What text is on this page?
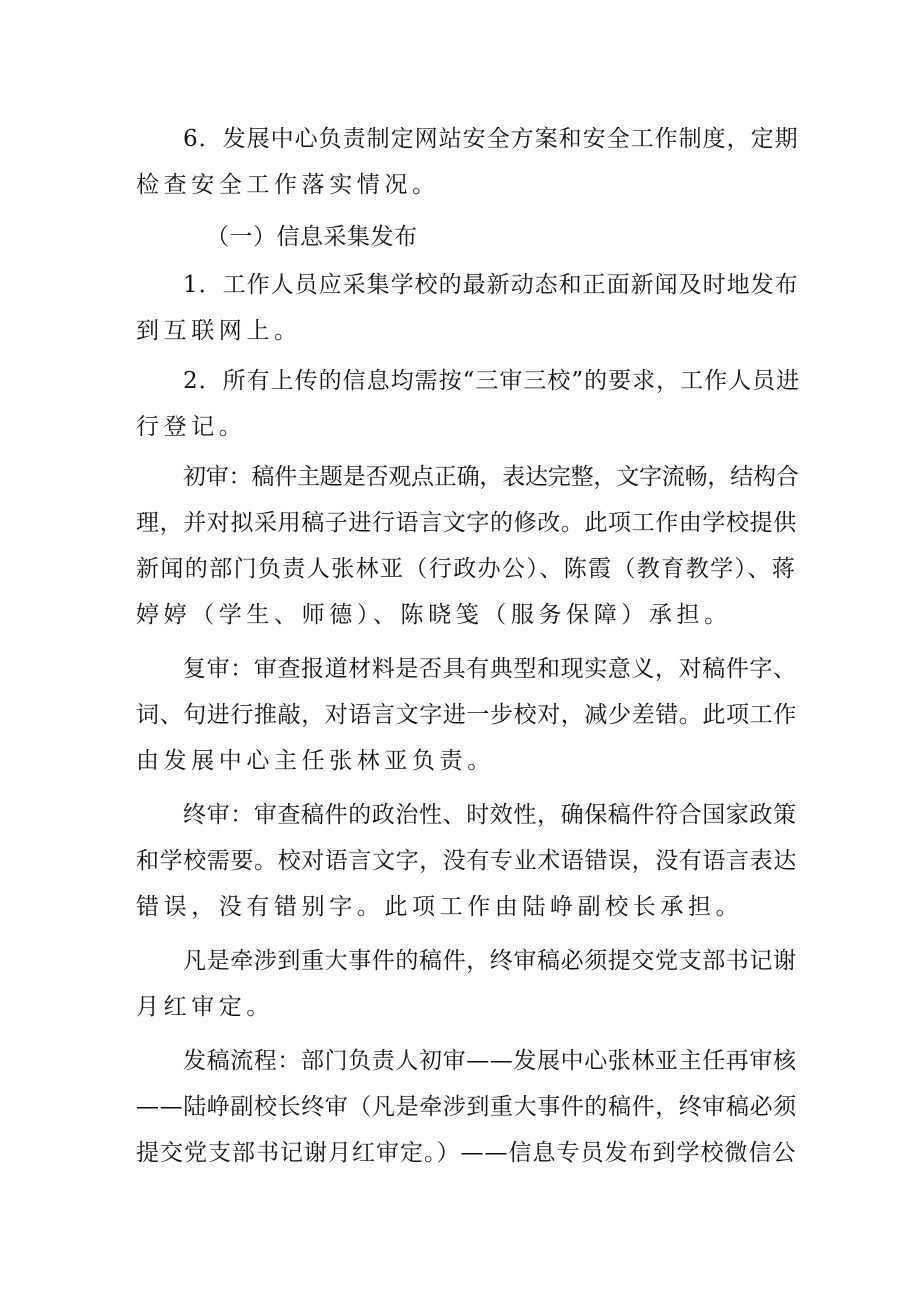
6．发展中心负责制定网站安全方案和安全工作制度，定期
检查安全工作落实情况。
（一）信息采集发布
1．工作人员应采集学校的最新动态和正面新闻及时地发布
到互联网上。
2．所有上传的信息均需按“三审三校”的要求，工作人员进
行登记。
初审：稿件主题是否观点正确，表达完整，文字流畅，结构合
理，并对拟采用稿子进行语言文字的修改。此项工作由学校提供
新闻的部门负责人张林亚（行政办公）、陈霞（教育教学）、蒋
婷婷（学生、师德）、陈晓笺（服务保障）承担。
复审：审查报道材料是否具有典型和现实意义，对稿件字、
词、句进行推敲，对语言文字进一步校对，减少差错。此项工作
由发展中心主任张林亚负责。
终审：审查稿件的政治性、时效性，确保稿件符合国家政策
和学校需要。校对语言文字，没有专业术语错误，没有语言表达
错误，没有错别字。此项工作由陆峥副校长承担。
凡是牵涉到重大事件的稿件，终审稿必须提交党支部书记谢
月红审定。
发稿流程：部门负责人初审——发展中心张林亚主任再审核
——陆峥副校长终审（凡是牵涉到重大事件的稿件，终审稿必须
提交党支部书记谢月红审定。）——信息专员发布到学校微信公
